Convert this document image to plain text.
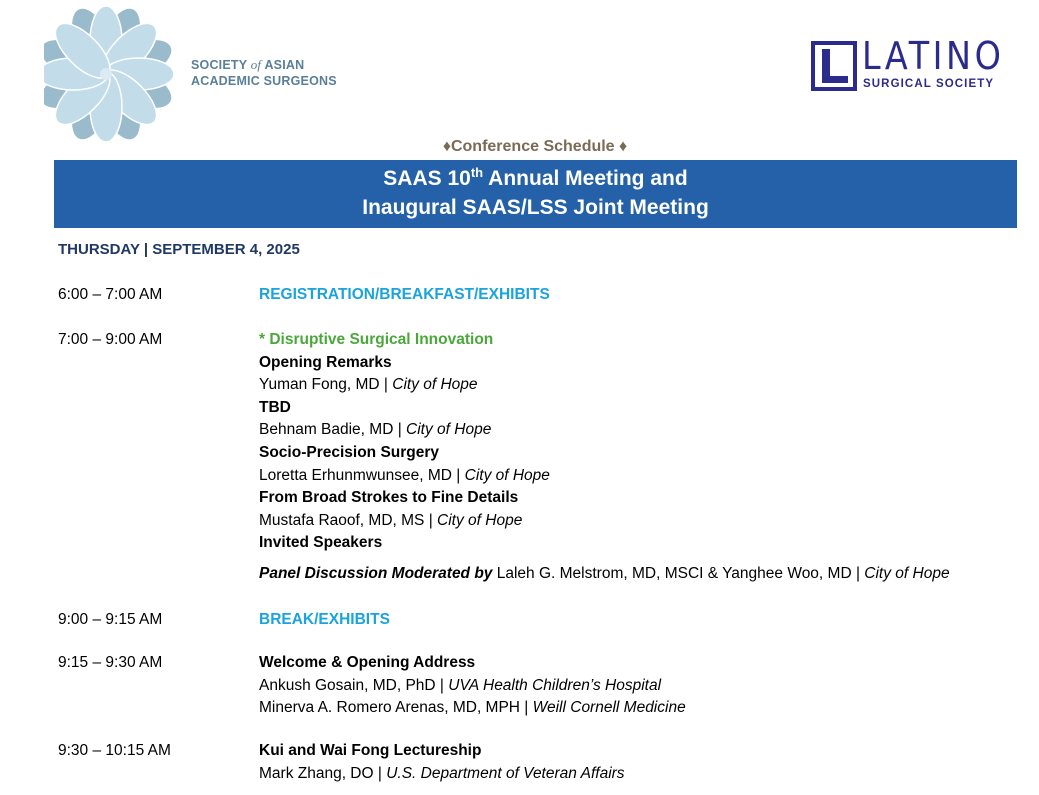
SOCIETY of ASIAN
ACADEMIC SURGEONS
LATINO
SURGICAL SOCIETY
♦Conference Schedule ♦
SAAS 10th Annual Meeting and
Inaugural SAAS/LSS Joint Meeting
THURSDAY | SEPTEMBER 4, 2025
6:00 – 7:00 AM	REGISTRATION/BREAKFAST/EXHIBITS
7:00 – 9:00 AM	* Disruptive Surgical Innovation
Opening Remarks
Yuman Fong, MD | City of Hope
TBD
Behnam Badie, MD | City of Hope
Socio-Precision Surgery
Loretta Erhunmwunsee, MD | City of Hope
From Broad Strokes to Fine Details
Mustafa Raoof, MD, MS | City of Hope
Invited Speakers
Panel Discussion Moderated by Laleh G. Melstrom, MD, MSCI & Yanghee Woo, MD | City of Hope
9:00 – 9:15 AM	BREAK/EXHIBITS
9:15 – 9:30 AM	Welcome & Opening Address
Ankush Gosain, MD, PhD | UVA Health Children’s Hospital
Minerva A. Romero Arenas, MD, MPH | Weill Cornell Medicine
9:30 – 10:15 AM	Kui and Wai Fong Lectureship
Mark Zhang, DO | U.S. Department of Veteran Affairs
